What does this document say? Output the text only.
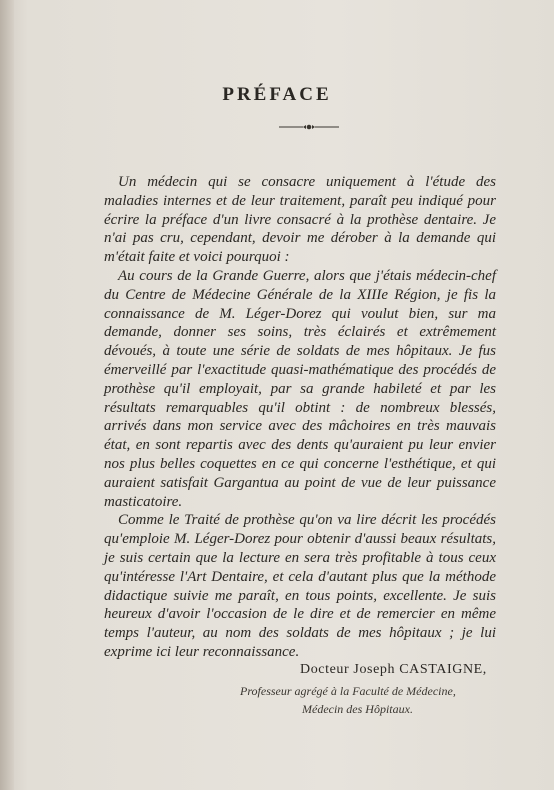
PRÉFACE

Un médecin qui se consacre uniquement à l'étude des maladies internes et de leur traitement, paraît peu indiqué pour écrire la préface d'un livre consacré à la prothèse dentaire. Je n'ai pas cru, cependant, devoir me dérober à la demande qui m'était faite et voici pourquoi :

Au cours de la Grande Guerre, alors que j'étais médecin-chef du Centre de Médecine Générale de la XIIIe Région, je fis la connaissance de M. Léger-Dorez qui voulut bien, sur ma demande, donner ses soins, très éclairés et extrêmement dévoués, à toute une série de soldats de mes hôpitaux. Je fus émerveillé par l'exactitude quasi-mathématique des procédés de prothèse qu'il employait, par sa grande habileté et par les résultats remarquables qu'il obtint : de nombreux blessés, arrivés dans mon service avec des mâchoires en très mauvais état, en sont repartis avec des dents qu'auraient pu leur envier nos plus belles coquettes en ce qui concerne l'esthétique, et qui auraient satisfait Gargantua au point de vue de leur puissance masticatoire.

Comme le Traité de prothèse qu'on va lire décrit les procédés qu'emploie M. Léger-Dorez pour obtenir d'aussi beaux résultats, je suis certain que la lecture en sera très profitable à tous ceux qu'intéresse l'Art Dentaire, et cela d'autant plus que la méthode didactique suivie me paraît, en tous points, excellente. Je suis heureux d'avoir l'occasion de le dire et de remercier en même temps l'auteur, au nom des soldats de mes hôpitaux ; je lui exprime ici leur reconnaissance.

Docteur Joseph CASTAIGNE,

Professeur agrégé à la Faculté de Médecine,

Médecin des Hôpitaux.
